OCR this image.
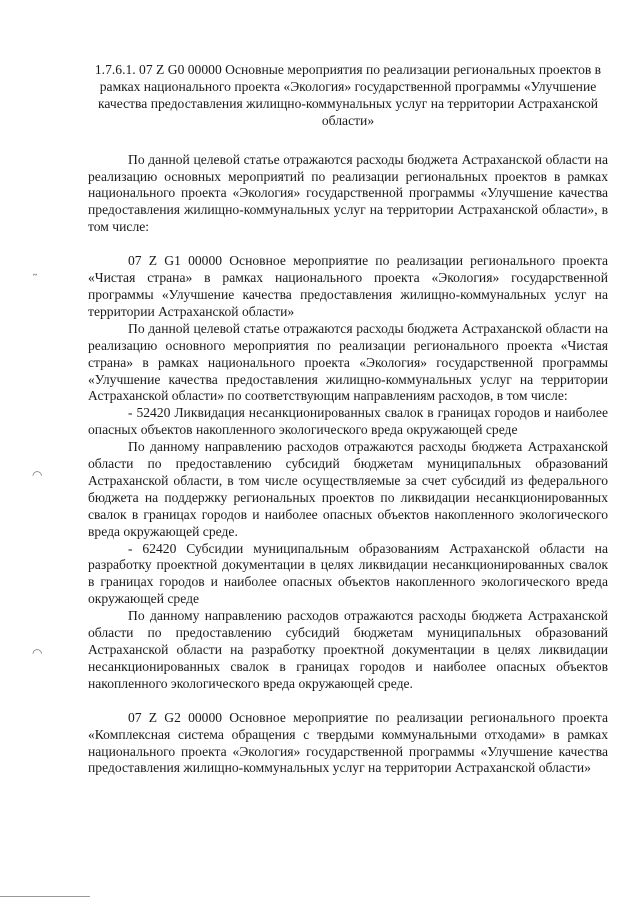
1.7.6.1. 07 Z G0 00000 Основные мероприятия по реализации региональных проектов в рамках национального проекта «Экология» государственной программы «Улучшение качества предоставления жилищно-коммунальных услуг на территории Астраханской области»

По данной целевой статье отражаются расходы бюджета Астраханской области на реализацию основных мероприятий по реализации региональных проектов в рамках национального проекта «Экология» государственной программы «Улучшение качества предоставления жилищно-коммунальных услуг на территории Астраханской области», в том числе:

07 Z G1 00000 Основное мероприятие по реализации регионального проекта «Чистая страна» в рамках национального проекта «Экология» государственной программы «Улучшение качества предоставления жилищно-коммунальных услуг на территории Астраханской области»

По данной целевой статье отражаются расходы бюджета Астраханской области на реализацию основного мероприятия по реализации регионального проекта «Чистая страна» в рамках национального проекта «Экология» государственной программы «Улучшение качества предоставления жилищно-коммунальных услуг на территории Астраханской области» по соответствующим направлениям расходов, в том числе:

- 52420 Ликвидация несанкционированных свалок в границах городов и наиболее опасных объектов накопленного экологического вреда окружающей среде

По данному направлению расходов отражаются расходы бюджета Астраханской области по предоставлению субсидий бюджетам муниципальных образований Астраханской области, в том числе осуществляемые за счет субсидий из федерального бюджета на поддержку региональных проектов по ликвидации несанкционированных свалок в границах городов и наиболее опасных объектов накопленного экологического вреда окружающей среде.

- 62420 Субсидии муниципальным образованиям Астраханской области на разработку проектной документации в целях ликвидации несанкционированных свалок в границах городов и наиболее опасных объектов накопленного экологического вреда окружающей среде

По данному направлению расходов отражаются расходы бюджета Астраханской области по предоставлению субсидий бюджетам муниципальных образований Астраханской области на разработку проектной документации в целях ликвидации несанкционированных свалок в границах городов и наиболее опасных объектов накопленного экологического вреда окружающей среде.

07 Z G2 00000 Основное мероприятие по реализации регионального проекта «Комплексная система обращения с твердыми коммунальными отходами» в рамках национального проекта «Экология» государственной программы «Улучшение качества предоставления жилищно-коммунальных услуг на территории Астраханской области»

˷
◠
◠
